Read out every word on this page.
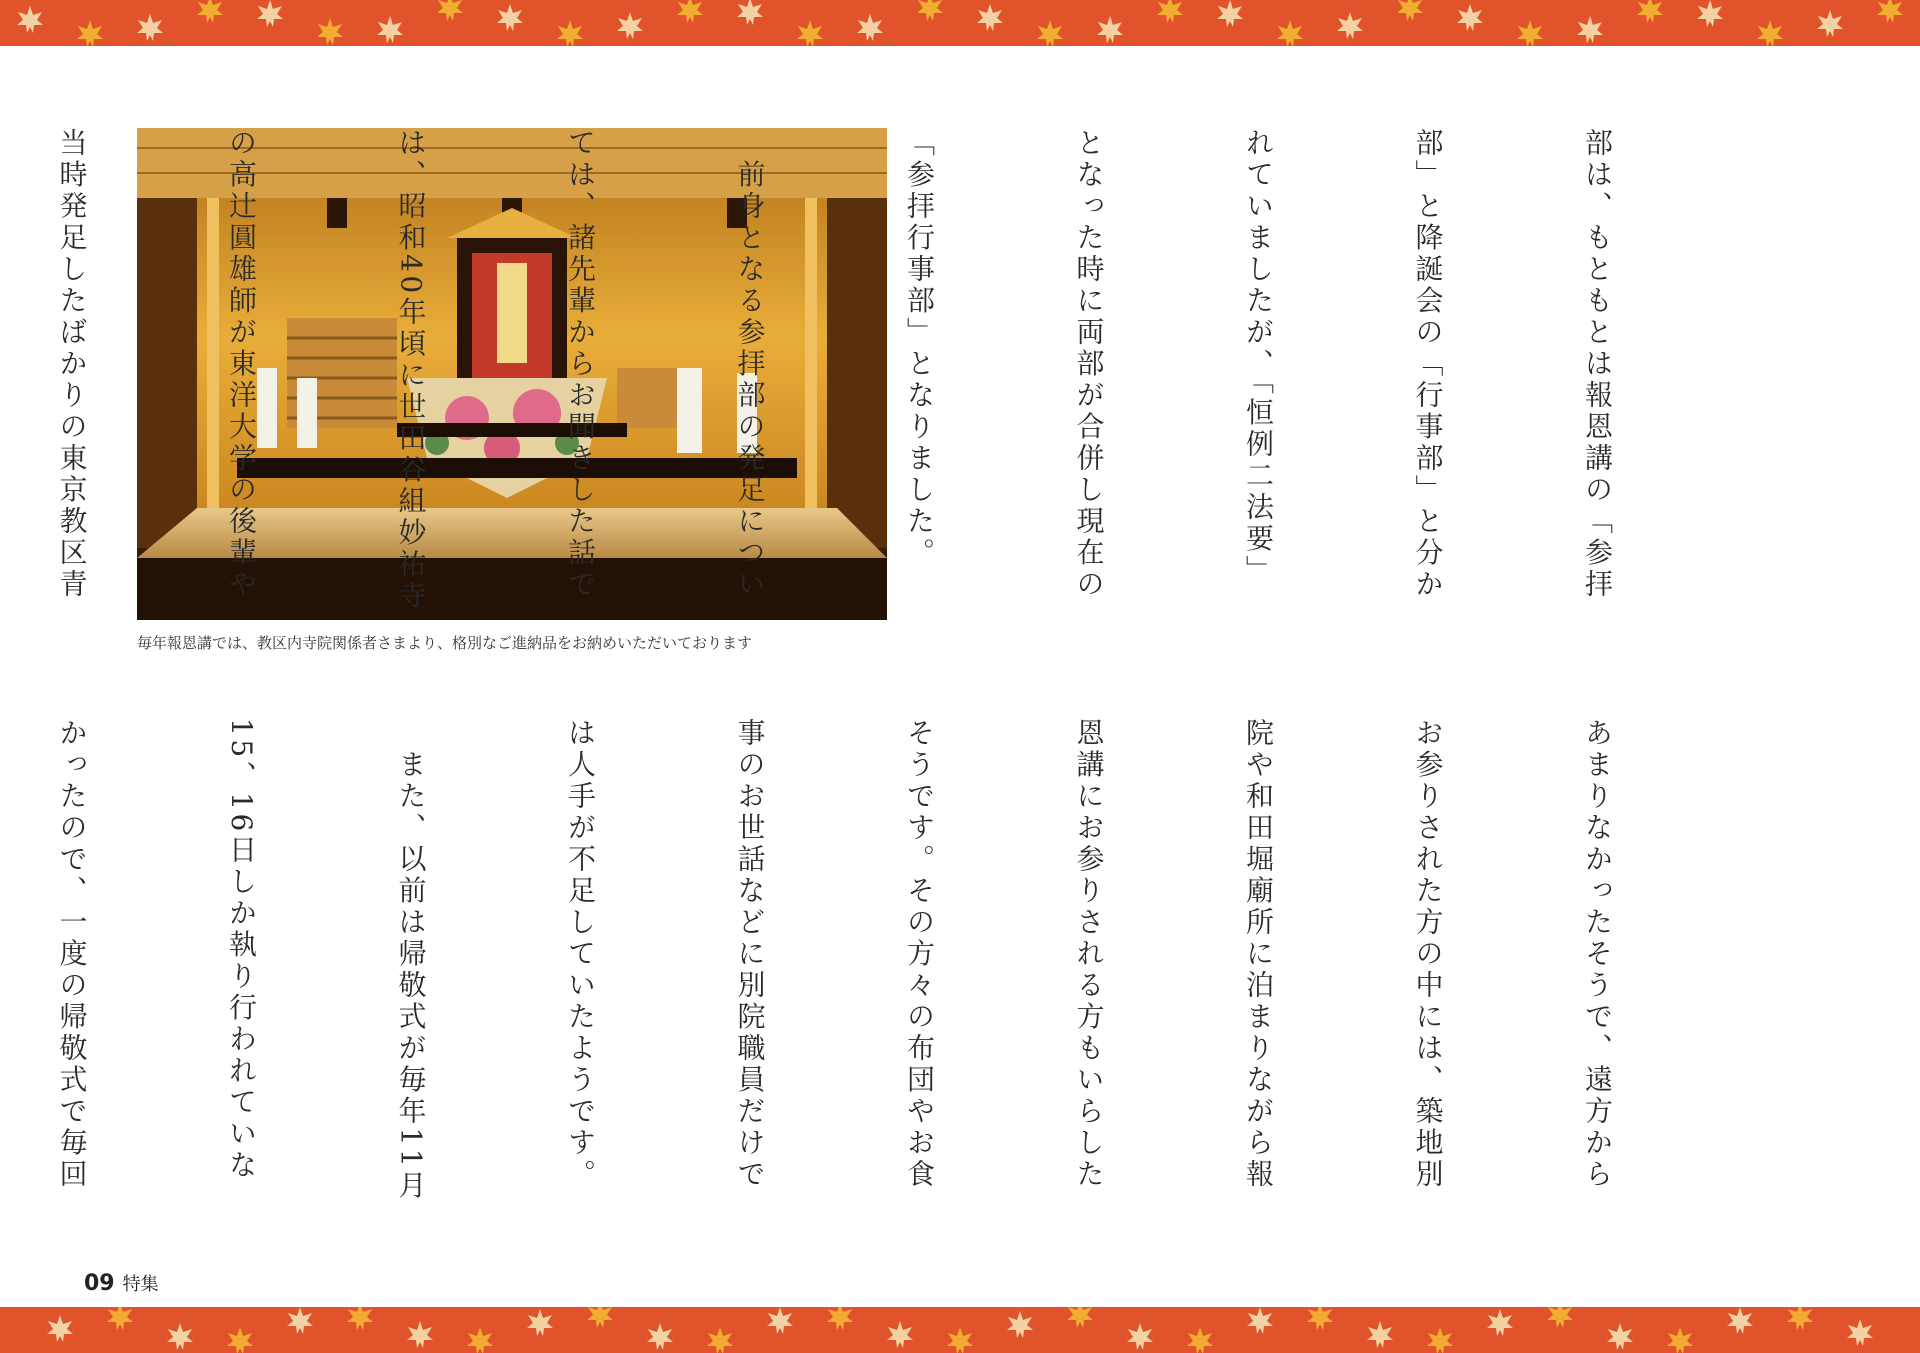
毎年報恩講では、教区内寺院関係者さまより、格別なご進納品をお納めいただいております

部は、もともとは報恩講の「参拝

部」と降誕会の「行事部」と分か

れていましたが、「恒例二法要」

となった時に両部が合併し現在の

「参拝行事部」となりました。

　前身となる参拝部の発足につい

ては、諸先輩からお聞きした話で

は、昭和40年頃に世田谷組妙祐寺

の高辻圓雄師が東洋大学の後輩や

当時発足したばかりの東京教区青

あまりなかったそうで、遠方から

お参りされた方の中には、築地別

院や和田堀廟所に泊まりながら報

恩講にお参りされる方もいらした

そうです。その方々の布団やお食

事のお世話などに別院職員だけで

は人手が不足していたようです。

　また、以前は帰敬式が毎年11月

15、16日しか執り行われていな

かったので、一度の帰敬式で毎回

09 特集
